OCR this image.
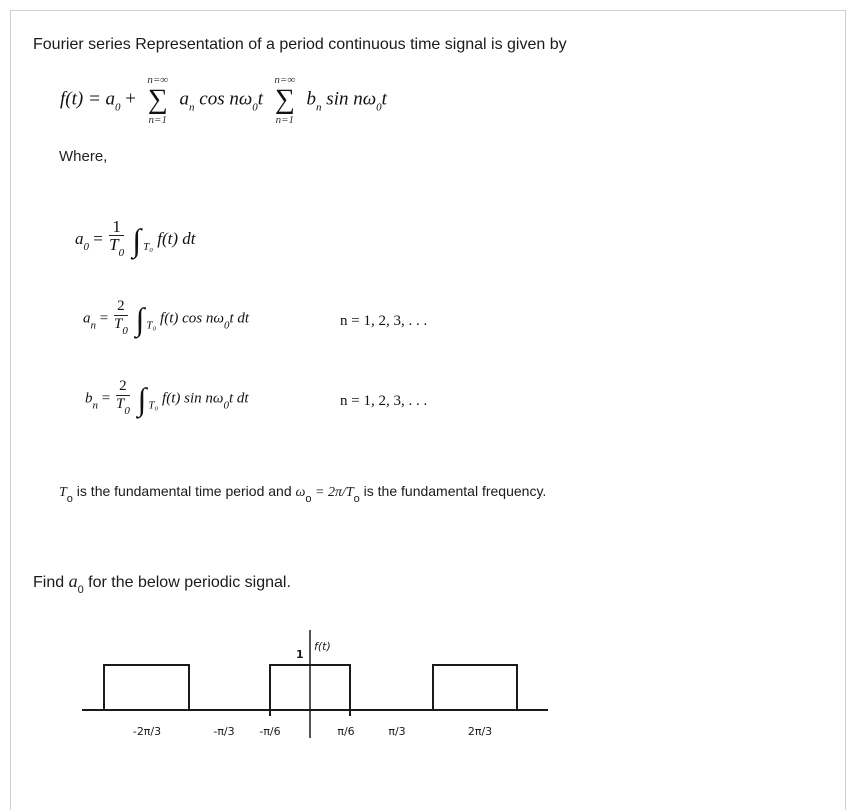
Fourier series Representation of a period continuous time signal is given by
$f(t) = a_0$ +
n=∞
∑
n=1
$a_n$ $\cos n\omega_0t$
n=∞
∑
n=1
$b_n$ $\sin n\omega_0t$
Where,
$a_0 = \frac{1}{T_0}$ ∫ $_{T_0}$ f(t) dt
$a_n = \frac{2}{T_0}$ ∫ $_{T_0}$ f(t) $\cos n\omega_0t$ dt	n = 1, 2, 3, . . .
$b_n = \frac{2}{T_0}$ ∫ $_{T_0}$ f(t) $\sin n\omega_0t$ dt	n = 1, 2, 3, . . .
$T_o$ is the fundamental time period and $\omega_o = 2\pi/T_o$ is the fundamental frequency.
Find $a_0$ for the below periodic signal.
1
f(t)
-2π/3	-π/3 -π/6	π/6	π/3	2π/3
